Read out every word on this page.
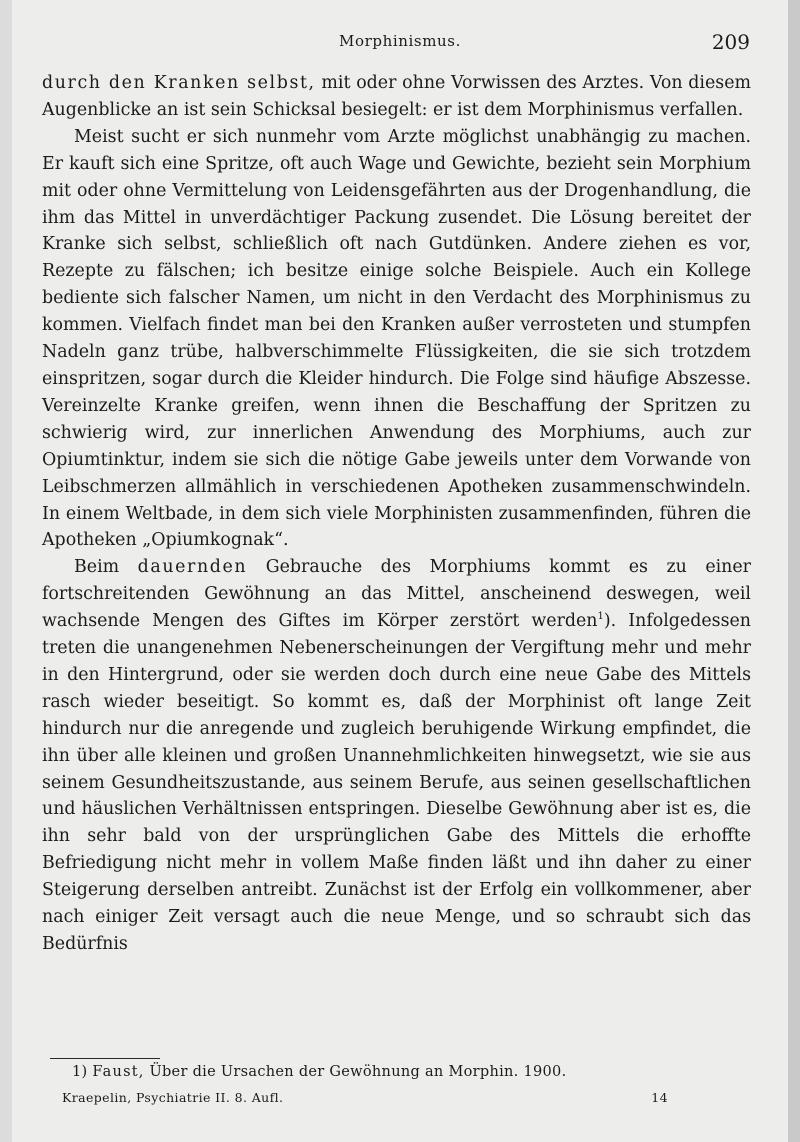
Morphinismus.	209

durch den Kranken selbst, mit oder ohne Vorwissen des Arztes. Von diesem Augenblicke an ist sein Schicksal besiegelt: er ist dem Morphinismus verfallen.

Meist sucht er sich nunmehr vom Arzte möglichst unabhängig zu machen. Er kauft sich eine Spritze, oft auch Wage und Gewichte, bezieht sein Morphium mit oder ohne Vermittelung von Leidensgefährten aus der Drogenhandlung, die ihm das Mittel in unverdächtiger Packung zusendet. Die Lösung bereitet der Kranke sich selbst, schließlich oft nach Gutdünken. Andere ziehen es vor, Rezepte zu fälschen; ich besitze einige solche Beispiele. Auch ein Kollege bediente sich falscher Namen, um nicht in den Verdacht des Morphinismus zu kommen. Vielfach findet man bei den Kranken außer verrosteten und stumpfen Nadeln ganz trübe, halbverschimmelte Flüssigkeiten, die sie sich trotzdem einspritzen, sogar durch die Kleider hindurch. Die Folge sind häufige Abszesse. Vereinzelte Kranke greifen, wenn ihnen die Beschaffung der Spritzen zu schwierig wird, zur innerlichen Anwendung des Morphiums, auch zur Opiumtinktur, indem sie sich die nötige Gabe jeweils unter dem Vorwande von Leibschmerzen allmählich in verschiedenen Apotheken zusammenschwindeln. In einem Weltbade, in dem sich viele Morphinisten zusammenfinden, führen die Apotheken „Opiumkognak“.

Beim dauernden Gebrauche des Morphiums kommt es zu einer fortschreitenden Gewöhnung an das Mittel, anscheinend deswegen, weil wachsende Mengen des Giftes im Körper zerstört werden$^1$). Infolgedessen treten die unangenehmen Nebenerscheinungen der Vergiftung mehr und mehr in den Hintergrund, oder sie werden doch durch eine neue Gabe des Mittels rasch wieder beseitigt. So kommt es, daß der Morphinist oft lange Zeit hindurch nur die anregende und zugleich beruhigende Wirkung empfindet, die ihn über alle kleinen und großen Unannehmlichkeiten hinwegsetzt, wie sie aus seinem Gesundheitszustande, aus seinem Berufe, aus seinen gesellschaftlichen und häuslichen Verhältnissen entspringen. Dieselbe Gewöhnung aber ist es, die ihn sehr bald von der ursprünglichen Gabe des Mittels die erhoffte Befriedigung nicht mehr in vollem Maße finden läßt und ihn daher zu einer Steigerung derselben antreibt. Zunächst ist der Erfolg ein vollkommener, aber nach einiger Zeit versagt auch die neue Menge, und so schraubt sich das Bedürfnis

1) Faust, Über die Ursachen der Gewöhnung an Morphin. 1900.
Kraepelin, Psychiatrie II. 8. Aufl.	14
